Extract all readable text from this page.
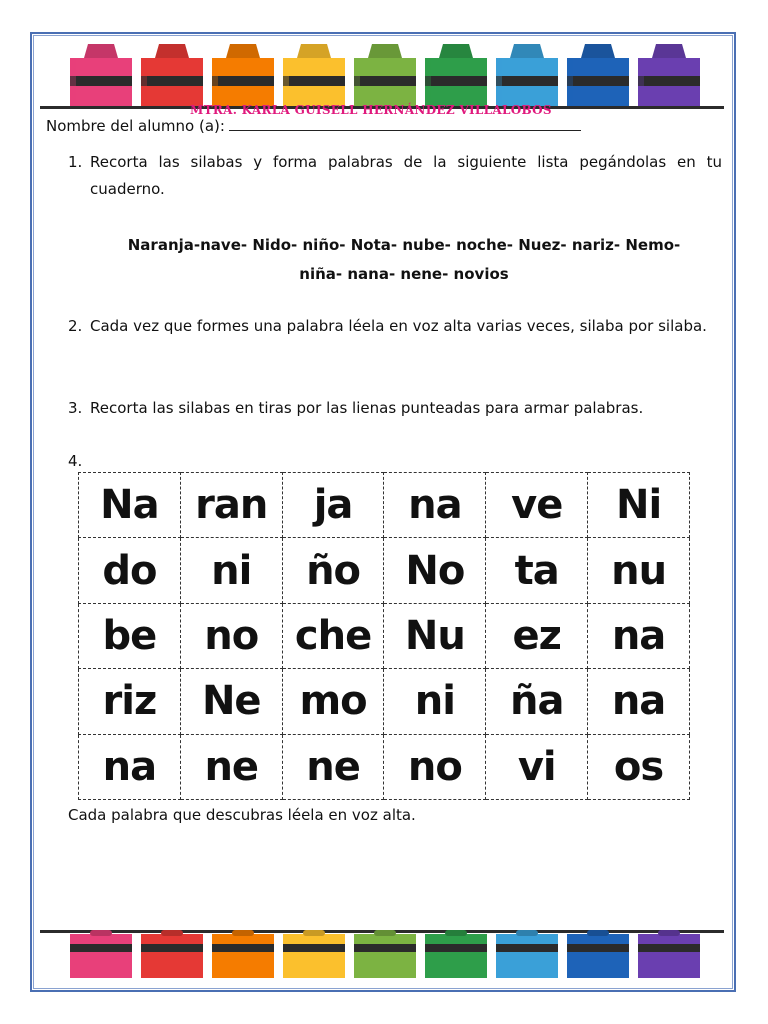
MTRA. KARLA GUISELL HERNÁNDEZ VILLALOBOS
Nombre del alumno (a):
1. Recorta las silabas y forma palabras de la siguiente lista pegándolas en tu cuaderno.
Naranja-nave- Nido- niño- Nota- nube- noche- Nuez- nariz- Nemo-
niña- nana- nene- novios
2. Cada vez que formes una palabra léela en voz alta varias veces, silaba por silaba.
3. Recorta las silabas en tiras por las lienas punteadas para armar palabras.
4.
Na	ran	ja	na	ve	Ni
do	ni	ño	No	ta	nu
be	no	che	Nu	ez	na
riz	Ne	mo	ni	ña	na
na	ne	ne	no	vi	os
Cada palabra que descubras léela en voz alta.
